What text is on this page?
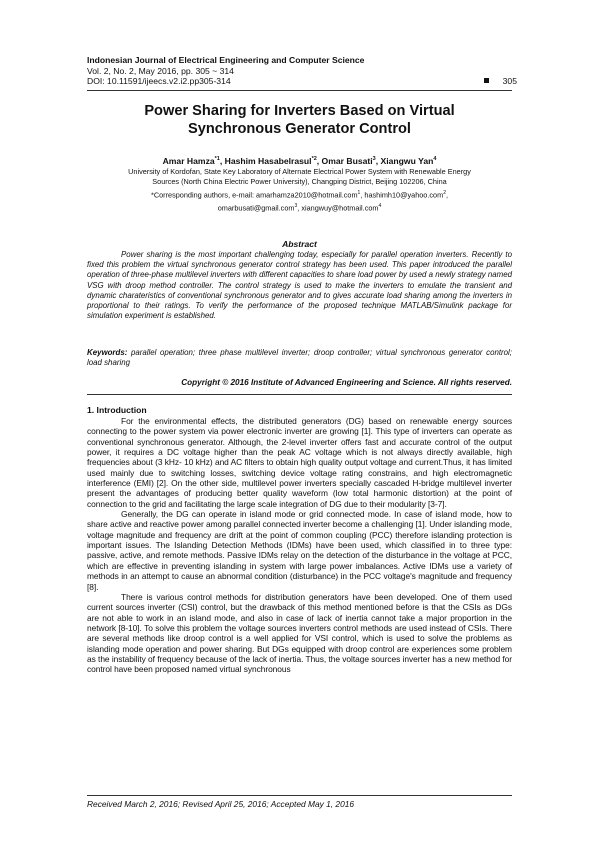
Indonesian Journal of Electrical Engineering and Computer Science
Vol. 2, No. 2, May 2016, pp. 305 ~ 314
DOI: 10.11591/ijeecs.v2.i2.pp305-314	305
Power Sharing for Inverters Based on Virtual
Synchronous Generator Control
Amar Hamza$^{*1}$, Hashim Hasabelrasul$^{*2}$, Omar Busati$^3$, Xiangwu Yan$^4$
University of Kordofan, State Key Laboratory of Alternate Electrical Power System with Renewable Energy
Sources (North China Electric Power University), Changping District, Beijing 102206, China
*Corresponding authors, e-mail: amarhamza2010@hotmail.com$^1$, hashimh10@yahoo.com$^2$,
omarbusati@gmail.com$^3$, xiangwuy@hotmail.com$^4$
Abstract
Power sharing is the most important challenging today, especially for parallel operation inverters. Recently to fixed this problem the virtual synchronous generator control strategy has been used. This paper introduced the parallel operation of three-phase multilevel inverters with different capacities to share load power by used a newly strategy named VSG with droop method controller. The control strategy is used to make the inverters to emulate the transient and dynamic charateristics of conventional synchronous generator and to gives accurate load sharing among the inverters in proportional to their ratings. To verify the performance of the proposed technique MATLAB/Simulink package for simulation experiment is established.
Keywords: parallel operation; three phase multilevel inverter; droop controller; virtual synchronous generator control; load sharing
Copyright © 2016 Institute of Advanced Engineering and Science. All rights reserved.
1. Introduction

For the environmental effects, the distributed generators (DG) based on renewable energy sources connecting to the power system via power electronic inverter are growing [1]. This type of inverters can operate as conventional synchronous generator. Although, the 2-level inverter offers fast and accurate control of the output power, it requires a DC voltage higher than the peak AC voltage which is not always directly available, high frequencies about (3 kHz- 10 kHz) and AC filters to obtain high quality output voltage and current.Thus, it has limited used mainly due to switching losses, switching device voltage rating constrains, and high electromagnetic interference (EMI) [2]. On the other side, multilevel power inverters specially cascaded H-bridge multilevel inverter present the advantages of producing better quality waveform (low total harmonic distortion) at the point of connection to the grid and facilitating the large scale integration of DG due to their modularity [3-7].

Generally, the DG can operate in island mode or grid connected mode. In case of island mode, how to share active and reactive power among parallel connected inverter become a challenging [1]. Under islanding mode, voltage magnitude and frequency are drift at the point of common coupling (PCC) therefore islanding protection is important issues. The Islanding Detection Methods (IDMs) have been used, which classified in to three type: passive, active, and remote methods. Passive IDMs relay on the detection of the disturbance in the voltage at PCC, which are effective in preventing islanding in system with large power imbalances. Active IDMs use a variety of methods in an attempt to cause an abnormal condition (disturbance) in the PCC voltage's magnitude and frequency [8].

There is various control methods for distribution generators have been developed. One of them used current sources inverter (CSI) control, but the drawback of this method mentioned before is that the CSIs as DGs are not able to work in an island mode, and also in case of lack of inertia cannot take a major proportion in the network [8-10]. To solve this problem the voltage sources inverters control methods are used instead of CSIs. There are several methods like droop control is a well applied for VSI control, which is used to solve the problems as islanding mode operation and power sharing. But DGs equipped with droop control are experiences some problem as the instability of frequency because of the lack of inertia. Thus, the voltage sources inverter has a new method for control have been proposed named virtual synchronous

Received March 2, 2016; Revised April 25, 2016; Accepted May 1, 2016
